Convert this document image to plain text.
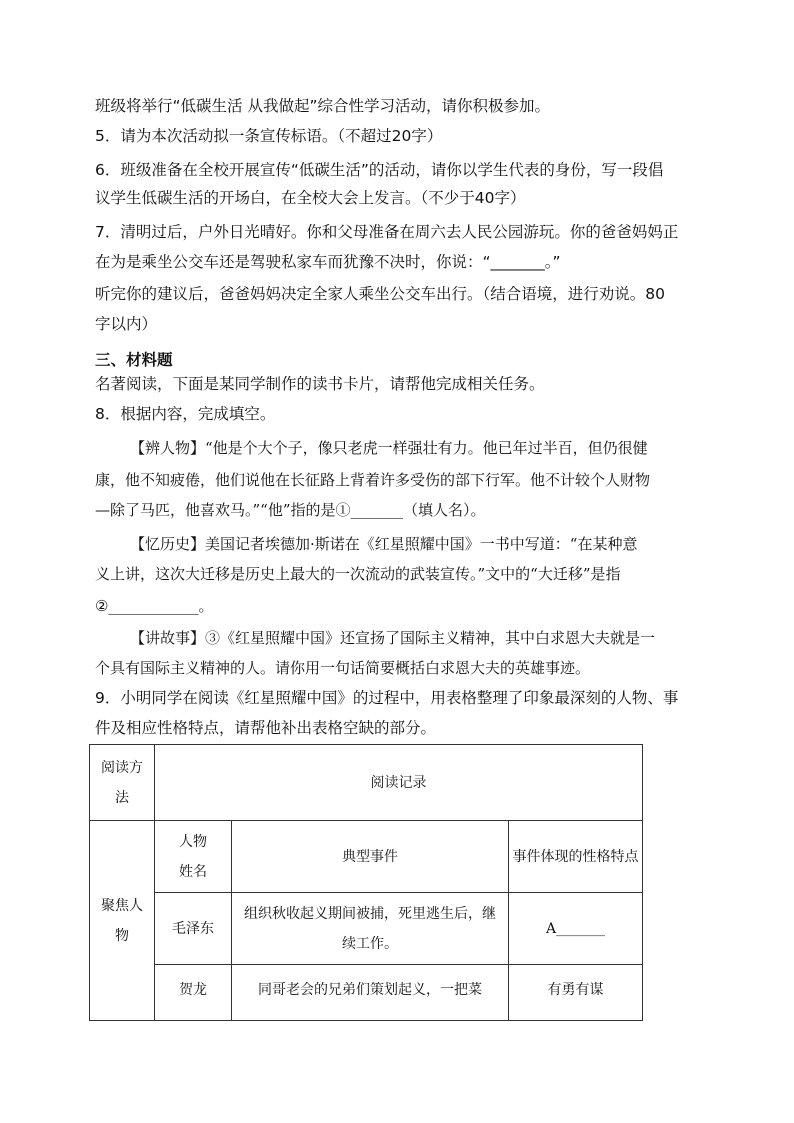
班级将举行“低碳生活 从我做起”综合性学习活动，请你积极参加。
5．请为本次活动拟一条宣传标语。（不超过20字）
6．班级准备在全校开展宣传“低碳生活”的活动，请你以学生代表的身份，写一段倡
议学生低碳生活的开场白，在全校大会上发言。（不少于40字）
7．清明过后，户外日光晴好。你和父母准备在周六去人民公园游玩。你的爸爸妈妈正
在为是乘坐公交车还是驾驶私家车而犹豫不决时，你说：“_______。”
听完你的建议后，爸爸妈妈决定全家人乘坐公交车出行。（结合语境，进行劝说。80
字以内）
三、材料题
名著阅读，下面是某同学制作的读书卡片，请帮他完成相关任务。
8．根据内容，完成填空。
【辨人物】“他是个大个子，像只老虎一样强壮有力。他已年过半百，但仍很健
康，他不知疲倦，他们说他在长征路上背着许多受伤的部下行军。他不计较个人财物
—除了马匹，他喜欢马。”“他”指的是①_______（填人名）。
【忆历史】美国记者埃德加·斯诺在《红星照耀中国》一书中写道：“在某种意
义上讲，这次大迁移是历史上最大的一次流动的武装宣传。”文中的“大迁移”是指
②____________。
【讲故事】③《红星照耀中国》还宣扬了国际主义精神，其中白求恩大夫就是一
个具有国际主义精神的人。请你用一句话简要概括白求恩大夫的英雄事迹。
9．小明同学在阅读《红星照耀中国》的过程中，用表格整理了印象最深刻的人物、事
件及相应性格特点，请帮他补出表格空缺的部分。
阅读方法	阅读记录		

聚焦人物	人物姓名	典型事件	事件体现的性格特点

	毛泽东	组织秋收起义期间被捕，死里逃生后，继续工作。	A_______
	贺龙	同哥老会的兄弟们策划起义，一把菜	有勇有谋
